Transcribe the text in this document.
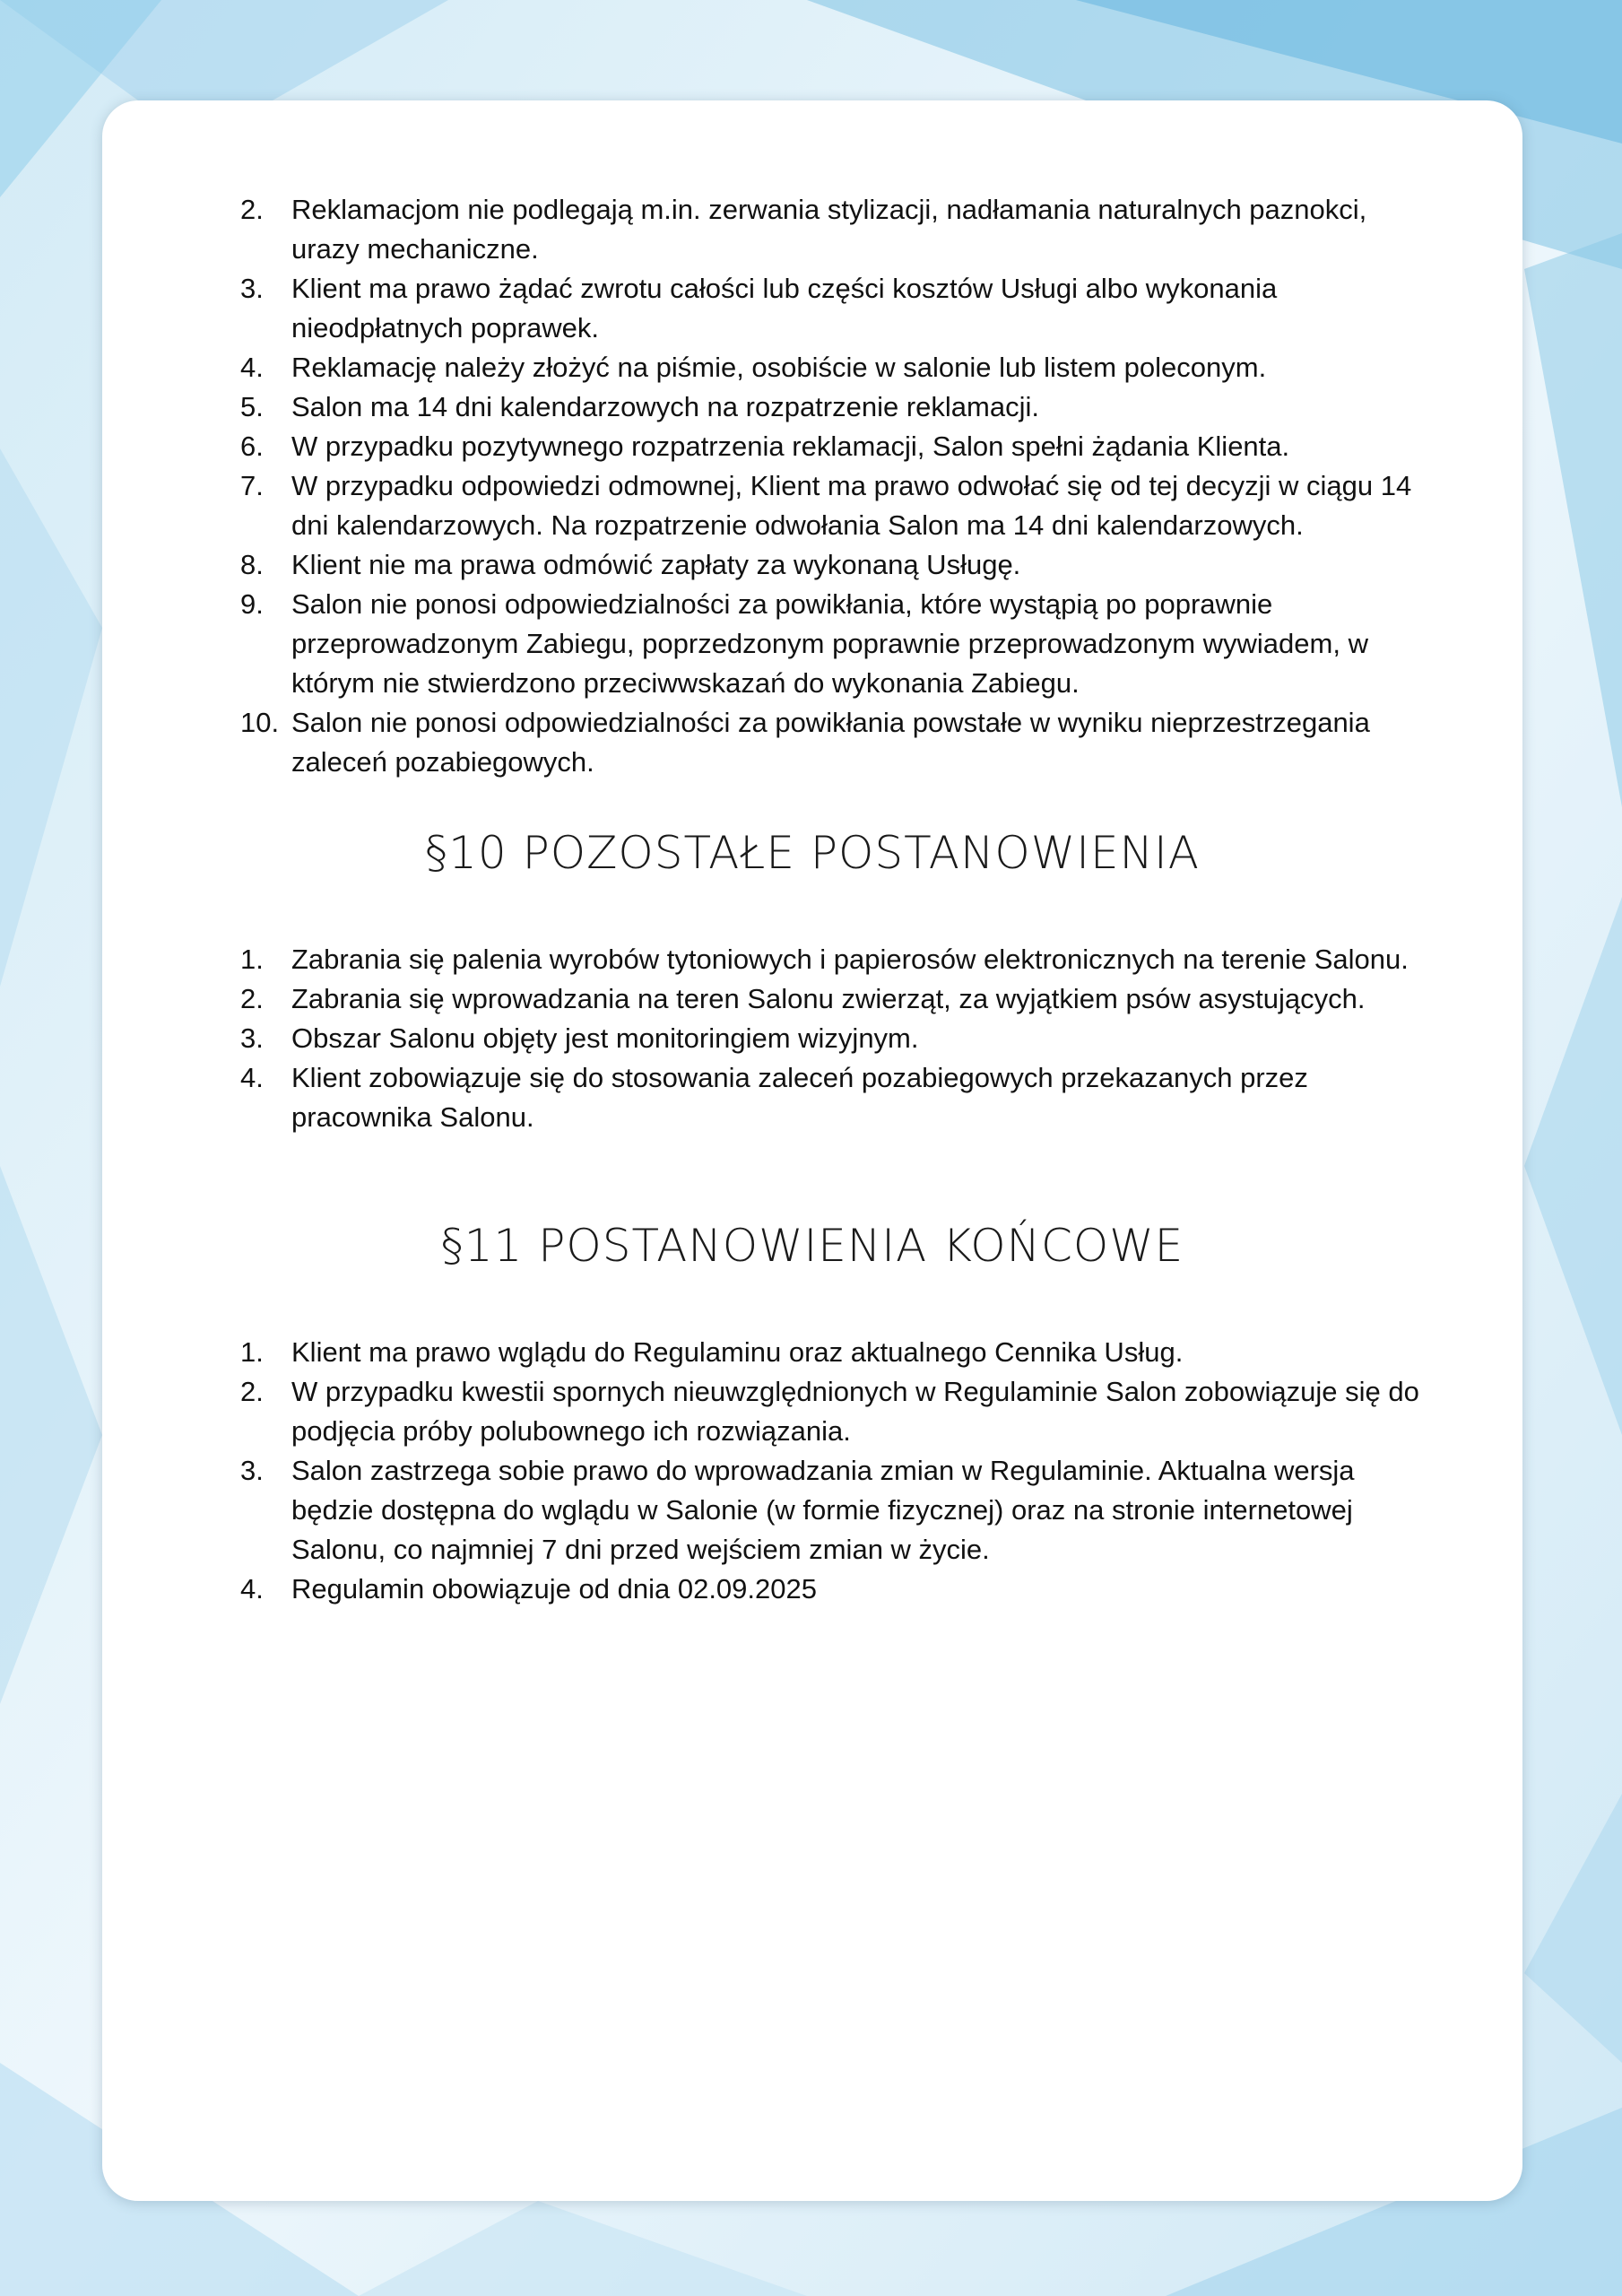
2.	Reklamacjom nie podlegają m.in. zerwania stylizacji, nadłamania naturalnych paznokci, urazy mechaniczne.
3.	Klient ma prawo żądać zwrotu całości lub części kosztów Usługi albo wykonania nieodpłatnych poprawek.
4.	Reklamację należy złożyć na piśmie, osobiście w salonie lub listem poleconym.
5.	Salon ma 14 dni kalendarzowych na rozpatrzenie reklamacji.
6.	W przypadku pozytywnego rozpatrzenia reklamacji, Salon spełni żądania Klienta.
7.	W przypadku odpowiedzi odmownej, Klient ma prawo odwołać się od tej decyzji w ciągu 14 dni kalendarzowych. Na rozpatrzenie odwołania Salon ma 14 dni kalendarzowych.
8.	Klient nie ma prawa odmówić zapłaty za wykonaną Usługę.
9.	Salon nie ponosi odpowiedzialności za powikłania, które wystąpią po poprawnie przeprowadzonym Zabiegu, poprzedzonym poprawnie przeprowadzonym wywiadem, w którym nie stwierdzono przeciwwskazań do wykonania Zabiegu.
10. Salon nie ponosi odpowiedzialności za powikłania powstałe w wyniku nieprzestrzegania zaleceń pozabiegowych.
§10 POZOSTAŁE POSTANOWIENIA
1.	Zabrania się palenia wyrobów tytoniowych i papierosów elektronicznych na terenie Salonu.
2.	Zabrania się wprowadzania na teren Salonu zwierząt, za wyjątkiem psów asystujących.
3.	Obszar Salonu objęty jest monitoringiem wizyjnym.
4.	Klient zobowiązuje się do stosowania zaleceń pozabiegowych przekazanych przez pracownika Salonu.
§11 POSTANOWIENIA KOŃCOWE
1.	Klient ma prawo wglądu do Regulaminu oraz aktualnego Cennika Usług.
2.	W przypadku kwestii spornych nieuwzględnionych w Regulaminie Salon zobowiązuje się do podjęcia próby polubownego ich rozwiązania.
3.	Salon zastrzega sobie prawo do wprowadzania zmian w Regulaminie. Aktualna wersja będzie dostępna do wglądu w Salonie (w formie fizycznej) oraz na stronie internetowej Salonu, co najmniej 7 dni przed wejściem zmian w życie.
4.	Regulamin obowiązuje od dnia 02.09.2025
